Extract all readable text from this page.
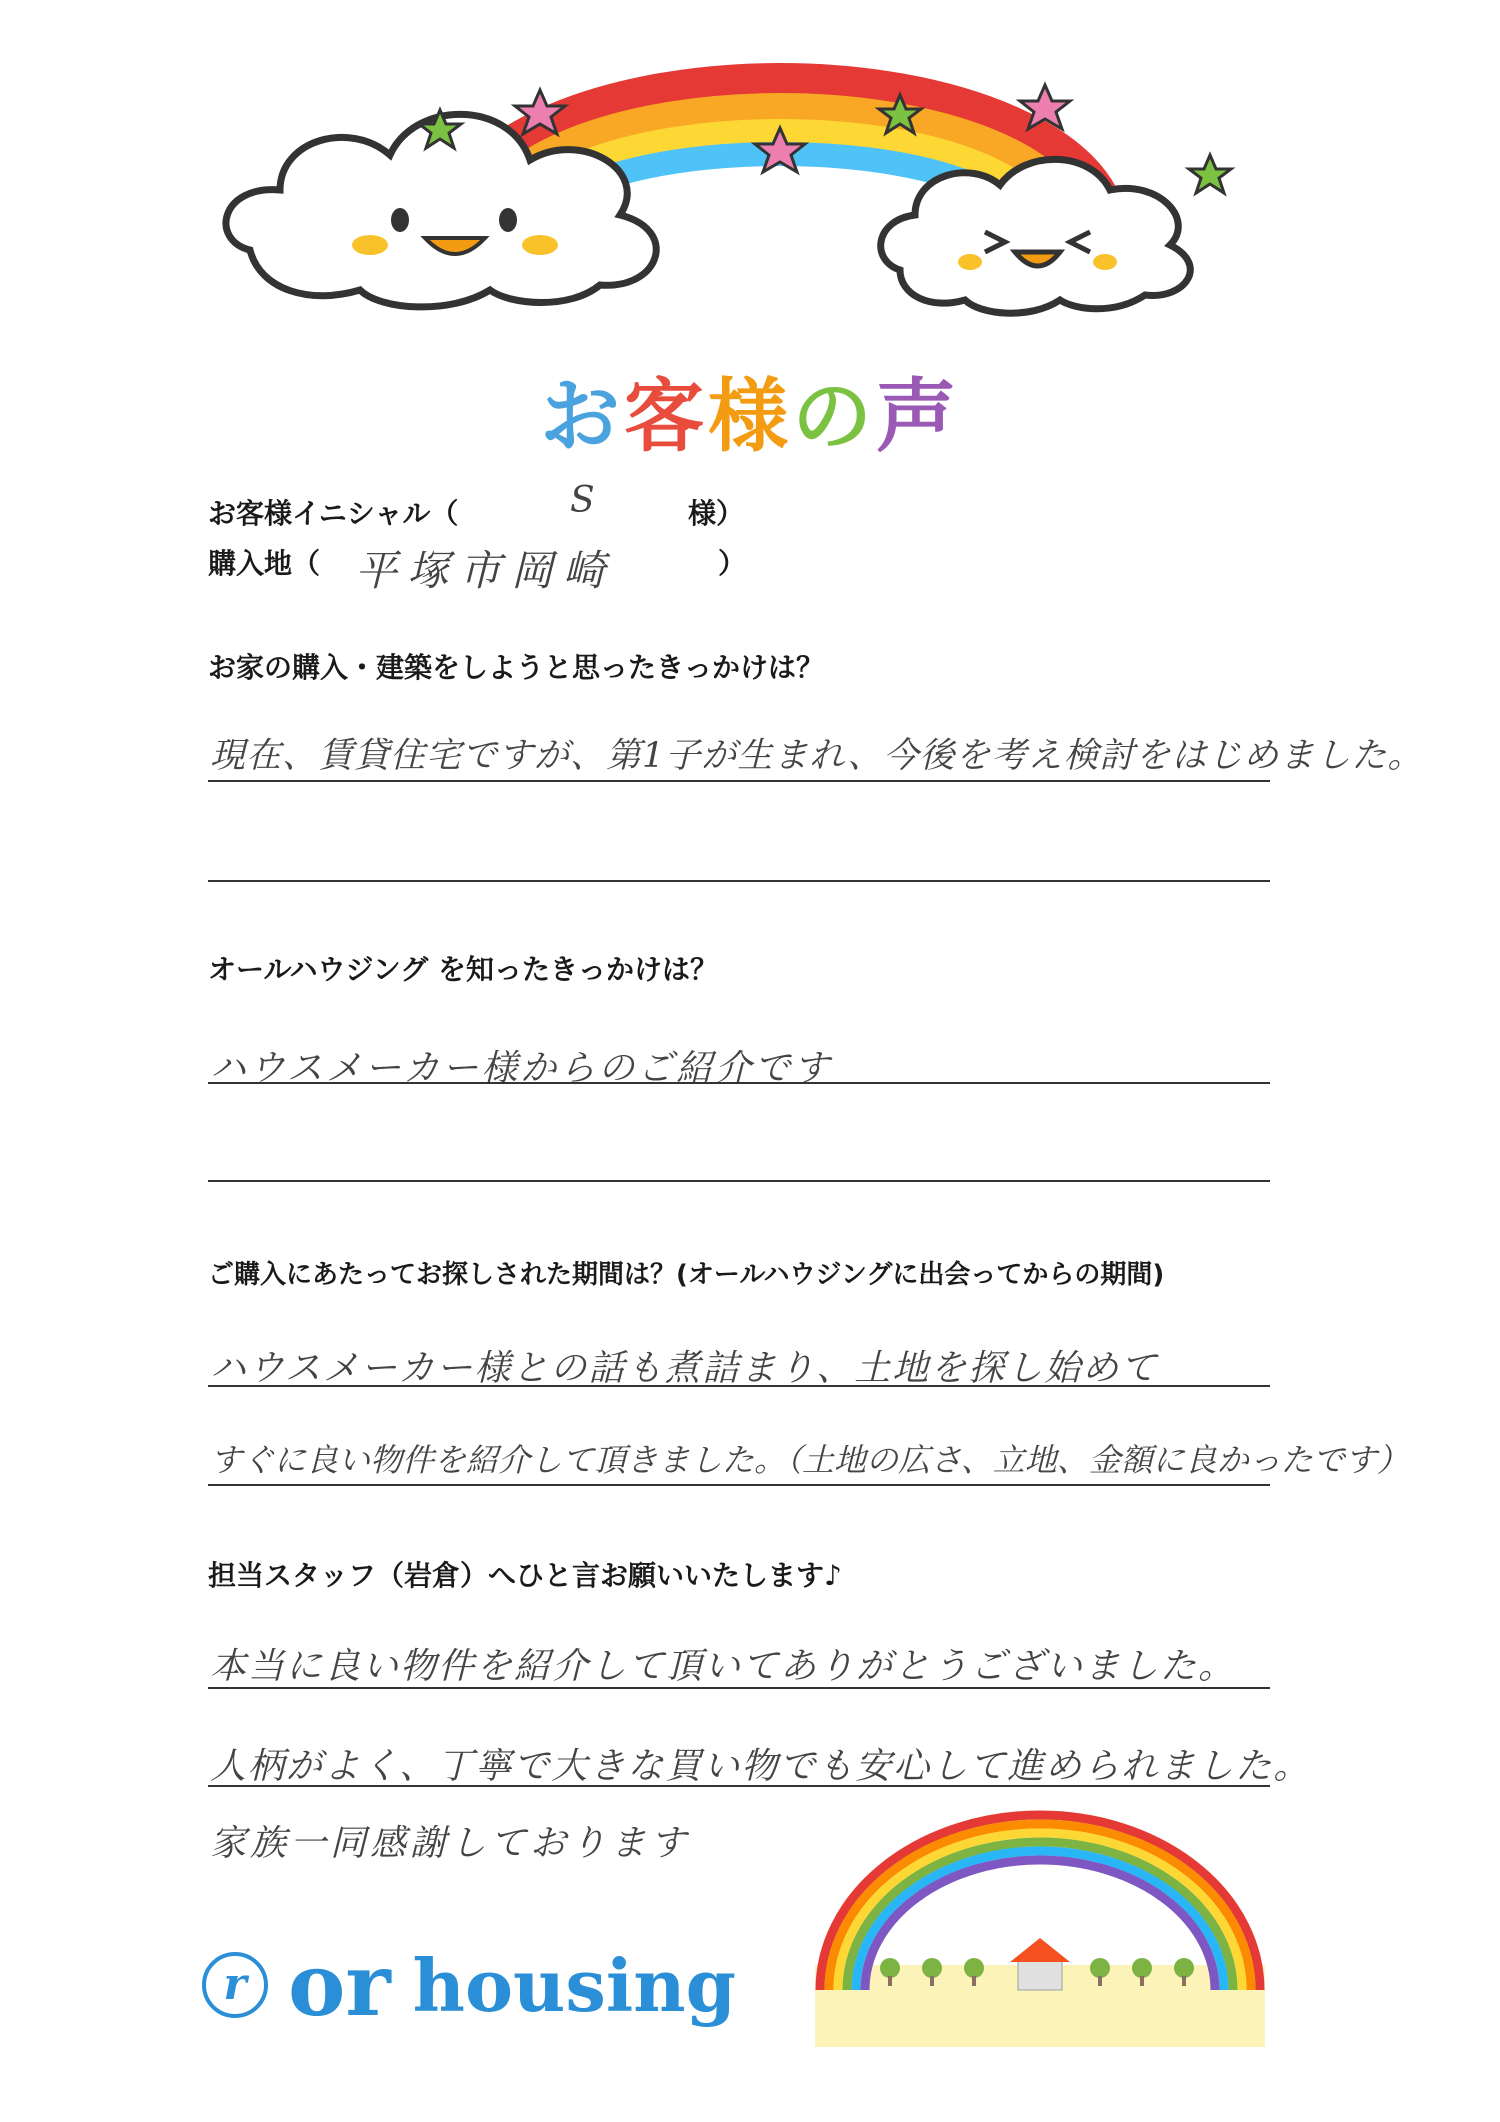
お客様の声
お客様イニシャル（	S	様）
購入地（ 平塚市岡崎	）
お家の購入・建築をしようと思ったきっかけは？
現在、賃貸住宅ですが、第1子が生まれ、今後を考え検討をはじめました。
オールハウジング を知ったきっかけは？
ハウスメーカー様からのご紹介です
ご購入にあたってお探しされた期間は？(オールハウジングに出会ってからの期間)
ハウスメーカー様との話も煮詰まり、土地を探し始めて
すぐに良い物件を紹介して頂きました。（土地の広さ、立地、金額に良かったです）
担当スタッフ（岩倉）へひと言お願いいたします♪
本当に良い物件を紹介して頂いてありがとうございました。
人柄がよく、丁寧で大きな買い物でも安心して進められました。
家族一同感謝しております
r or housing
